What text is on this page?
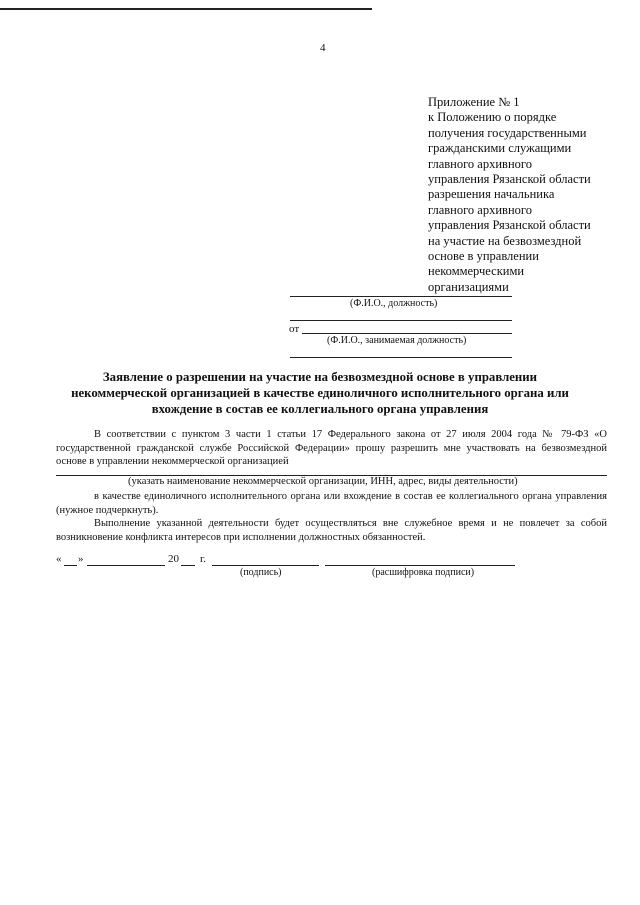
4
Приложение № 1
к Положению о порядке
получения государственными
гражданскими служащими
главного архивного
управления Рязанской области
разрешения начальника
главного архивного
управления Рязанской области
на участие на безвозмездной
основе в управлении
некоммерческими
организациями
(Ф.И.О., должность)
от
(Ф.И.О., занимаемая должность)
Заявление о разрешении на участие на безвозмездной основе в управлении
некоммерческой организацией в качестве единоличного исполнительного органа или
вхождение в состав ее коллегиального органа управления
В соответствии с пунктом 3 части 1 статьи 17 Федерального закона от 27 июля 2004 года № 79-ФЗ «О государственной гражданской службе Российской Федерации» прошу разрешить мне участвовать на безвозмездной основе в управлении некоммерческой организацией
(указать наименование некоммерческой организации, ИНН, адрес, виды деятельности)
в качестве единоличного исполнительного органа или вхождение в состав ее коллегиального органа управления (нужное подчеркнуть).
Выполнение указанной деятельности будет осуществляться вне служебное время и не повлечет за собой возникновение конфликта интересов при исполнении должностных обязанностей.
« »	20 г.
(подпись)	(расшифровка подписи)
